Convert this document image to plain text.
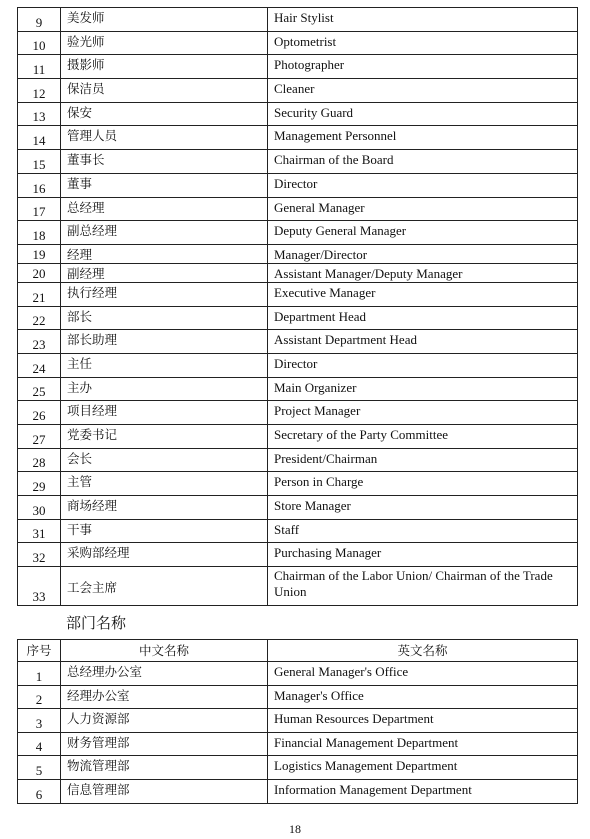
9	美发师	Hair Stylist
10	验光师	Optometrist
11	摄影师	Photographer
12	保洁员	Cleaner
13	保安	Security Guard
14	管理人员	Management Personnel
15	董事长	Chairman of the Board
16	董事	Director
17	总经理	General Manager
18	副总经理	Deputy General Manager
19	经理	Manager/Director
20	副经理	Assistant Manager/Deputy Manager
21	执行经理	Executive Manager
22	部长	Department Head
23	部长助理	Assistant Department Head
24	主任	Director
25	主办	Main Organizer
26	项目经理	Project Manager
27	党委书记	Secretary of the Party Committee
28	会长	President/Chairman
29	主管	Person in Charge
30	商场经理	Store Manager
31	干事	Staff
32	采购部经理	Purchasing Manager
33	工会主席	Chairman of the Labor Union/ Chairman of the Trade Union
部门名称
序号	中文名称	英文名称
1	总经理办公室	General Manager's Office
2	经理办公室	Manager's Office
3	人力资源部	Human Resources Department
4	财务管理部	Financial Management Department
5	物流管理部	Logistics Management Department
6	信息管理部	Information Management Department
18
